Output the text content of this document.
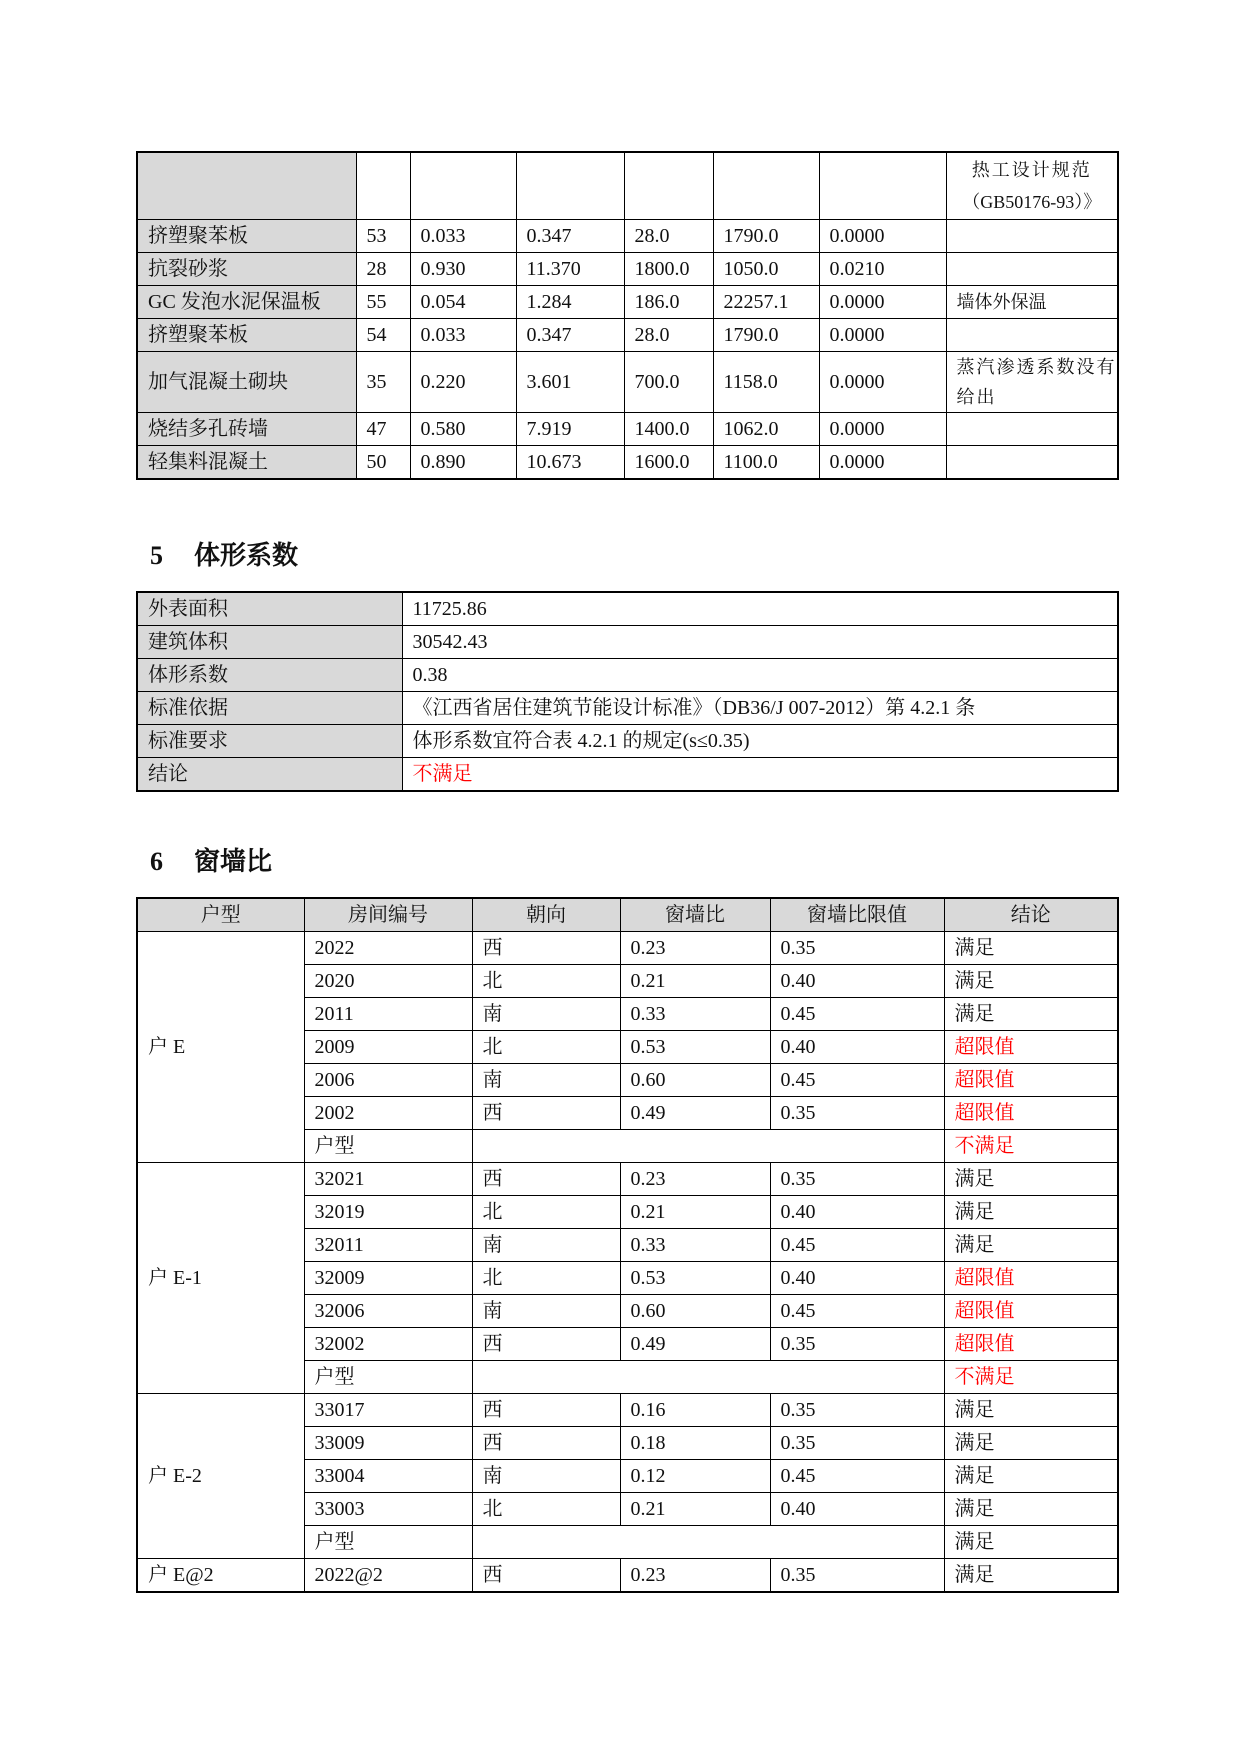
							热工设计规范
（GB50176-93）》

挤塑聚苯板	53	0.033	0.347	28.0	1790.0	0.0000	
抗裂砂浆	28	0.930	11.370	1800.0	1050.0	0.0210	
GC 发泡水泥保温板	55	0.054	1.284	186.0	22257.1	0.0000	墙体外保温
挤塑聚苯板	54	0.033	0.347	28.0	1790.0	0.0000	
加气混凝土砌块	35	0.220	3.601	700.0	1158.0	0.0000	蒸汽渗透系数没有给出
烧结多孔砖墙	47	0.580	7.919	1400.0	1062.0	0.0000	
轻集料混凝土	50	0.890	10.673	1600.0	1100.0	0.0000	
5 体形系数
外表面积	11725.86
建筑体积	30542.43
体形系数	0.38
标准依据	《江西省居住建筑节能设计标准》（DB36/J 007-2012）第 4.2.1 条
标准要求	体形系数宜符合表 4.2.1 的规定(s≤0.35)
结论	不满足
6 窗墙比
户型	房间编号	朝向	窗墙比	窗墙比限值	结论
户 E	2022	西	0.23	0.35	满足
	2020	北	0.21	0.40	满足
	2011	南	0.33	0.45	满足
	2009	北	0.53	0.40	超限值
	2006	南	0.60	0.45	超限值
	2002	西	0.49	0.35	超限值
	户型				不满足
户 E-1	32021	西	0.23	0.35	满足
	32019	北	0.21	0.40	满足
	32011	南	0.33	0.45	满足
	32009	北	0.53	0.40	超限值
	32006	南	0.60	0.45	超限值
	32002	西	0.49	0.35	超限值
	户型				不满足
户 E-2	33017	西	0.16	0.35	满足
	33009	西	0.18	0.35	满足
	33004	南	0.12	0.45	满足
	33003	北	0.21	0.40	满足
	户型				满足
户 E@2	2022@2	西	0.23	0.35	满足
